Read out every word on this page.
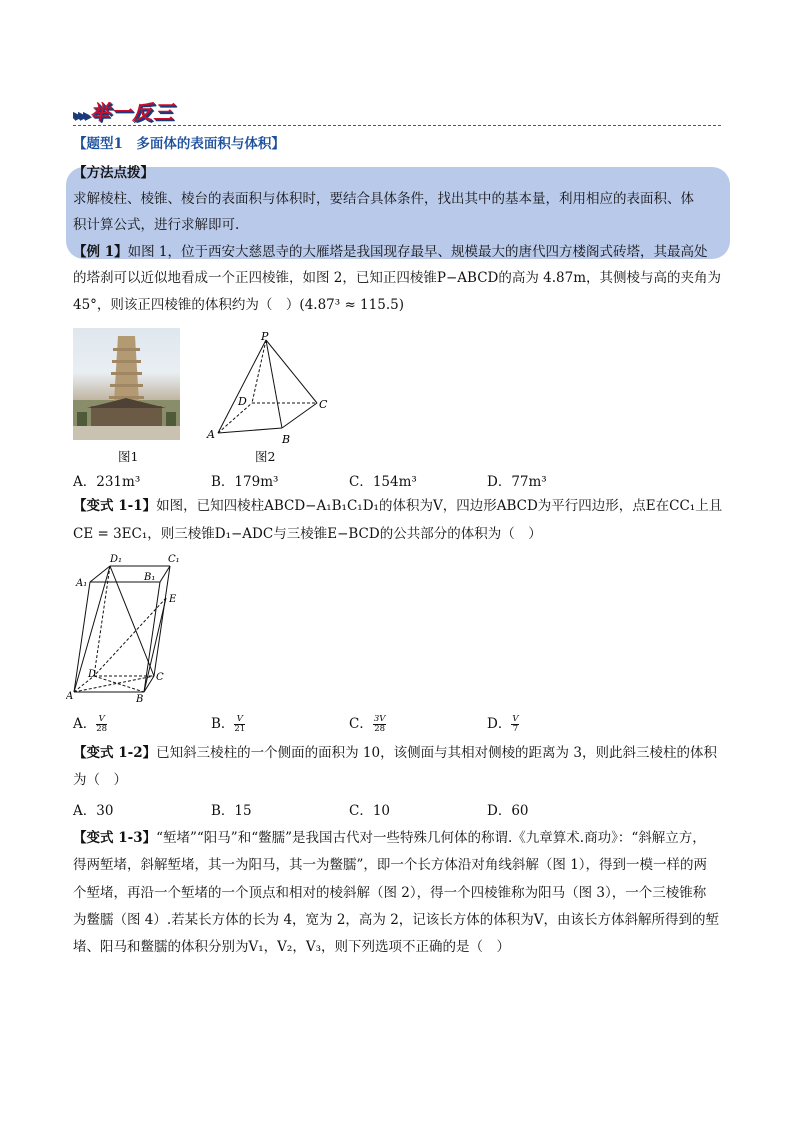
▸▸▸ 举一反三
【题型1　多面体的表面积与体积】
【方法点拨】
求解棱柱、棱锥、棱台的表面积与体积时，要结合具体条件，找出其中的基本量，利用相应的表面积、体
积计算公式，进行求解即可.
【例 1】如图 1，位于西安大慈恩寺的大雁塔是我国现存最早、规模最大的唐代四方楼阁式砖塔，其最高处
的塔刹可以近似地看成一个正四棱锥，如图 2，已知正四棱锥P−ABCD的高为 4.87m，其侧棱与高的夹角为
45°，则该正四棱锥的体积约为（　）(4.87³ ≈ 115.5)
图1
P
A	B
C
D
图2
A．231m³	B．179m³	C．154m³	D．77m³
【变式 1-1】如图，已知四棱柱ABCD−A₁B₁C₁D₁的体积为V，四边形ABCD为平行四边形，点E在CC₁上且
CE = 3EC₁，则三棱锥D₁−ADC与三棱锥E−BCD的公共部分的体积为（　）
D₁	C₁
A₁
B₁
E
D	C
A	B
A． $\frac{V}{28}$	B． $\frac{V}{21}$	C． $\frac{3V}{28}$	D． $\frac{V}{7}$
【变式 1-2】已知斜三棱柱的一个侧面的面积为 10，该侧面与其相对侧棱的距离为 3，则此斜三棱柱的体积
为（　）
A．30	B．15	C．10	D．60
【变式 1-3】“堑堵”“阳马”和“鳖臑”是我国古代对一些特殊几何体的称谓.《九章算术.商功》：“斜解立方，
得两堑堵，斜解堑堵，其一为阳马，其一为鳖臑”，即一个长方体沿对角线斜解（图 1），得到一模一样的两
个堑堵，再沿一个堑堵的一个顶点和相对的棱斜解（图 2），得一个四棱锥称为阳马（图 3），一个三棱锥称
为鳖臑（图 4）.若某长方体的长为 4，宽为 2，高为 2，记该长方体的体积为V，由该长方体斜解所得到的堑
堵、阳马和鳖臑的体积分别为V₁，V₂，V₃，则下列选项不正确的是（　）
